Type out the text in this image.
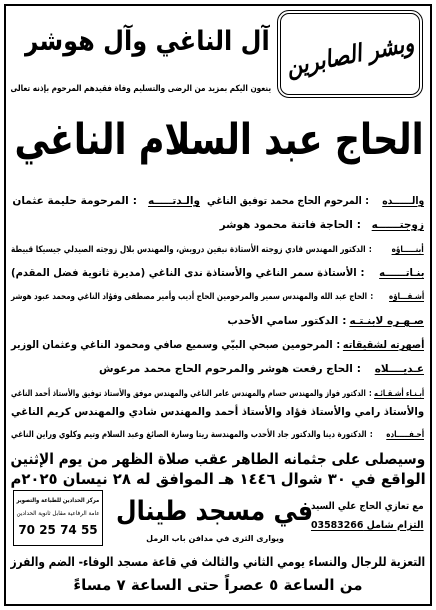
وبشر الصابرين
آل الناغي وآل هوشر
ينعون اليكم بمزيد من الرضى والتسليم وفاة فقيدهم المرحوم بإذنه تعالى
الحاج عبد السلام الناغي
والــــــده:المرحوم الحاج محمد توفيق الناغي
والـدتـــــه:المرحومة حليمة عثمان
زوجتــــــه:الحاجة فاتنة محمود هوشر
أبنـــــاؤه:الدكتور المهندس فادي زوجته الأستاذة نيفين درويش، والمهندس بلال زوجته الصيدلي جيسيكا قبيطة
بنـاتــــــه:الأستاذة سمر الناغي والأستاذة ندى الناغي (مديرة ثانوية فضل المقدم)
أشـقـــاؤه:الحاج عبد الله والمهندس سمير والمرحومين الحاج أديب وأمير مصطفى وفؤاد الناغي ومحمد عبود هوشر
صـهـره لابنـتـه:الدكتور سامي الأحدب
أصهرته لشقيقاته:المرحومين صبحي البيّي وسميع صافي ومحمود الناغي وعثمان الوزير
عـديــــلاه:الحاج رفعت هوشر والمرحوم الحاج محمد مرعوش
أبـنـاء أشـقـائـه:الدكتور فواز والمهندس حسام والمهندس عامر الناغي والمهندس موفق والأستاذ توفيق والأستاذ أحمد الناغي
والأستاذ رامي والأستاذ فؤاد والأستاذ أحمد والمهندس شادي والمهندس كريم الناغي
أحـفـــــاده:الدكتورة دينا والدكتور جاد الأحدب والمهندسة ريتا وسارة الصائغ وعبد السلام وتيم وكلوي وراين الناغي
وسيصلى على جثمانه الطاهر عقب صلاة الظهر من يوم الإثنين
الواقع في ٣٠ شوال ١٤٤٦ هـ الموافق له ٢٨ نيسان ٢٠٢٥م
في مسجد طينال
ويوارى الثرى في مدافن باب الرمل
مع تعازي الحاج علي السيد
التزام شامل 03583266
مركز الحدادين للطباعة والتصوير
عامة الرفاعية مقابل ثانوية الحدادين
70 25 74 55
التعزية للرجال والنساء يومي الثاني والثالث في قاعة مسجد الوفاء- الضم والفرز
من الساعة ٥ عصراً حتى الساعة ٧ مساءً
